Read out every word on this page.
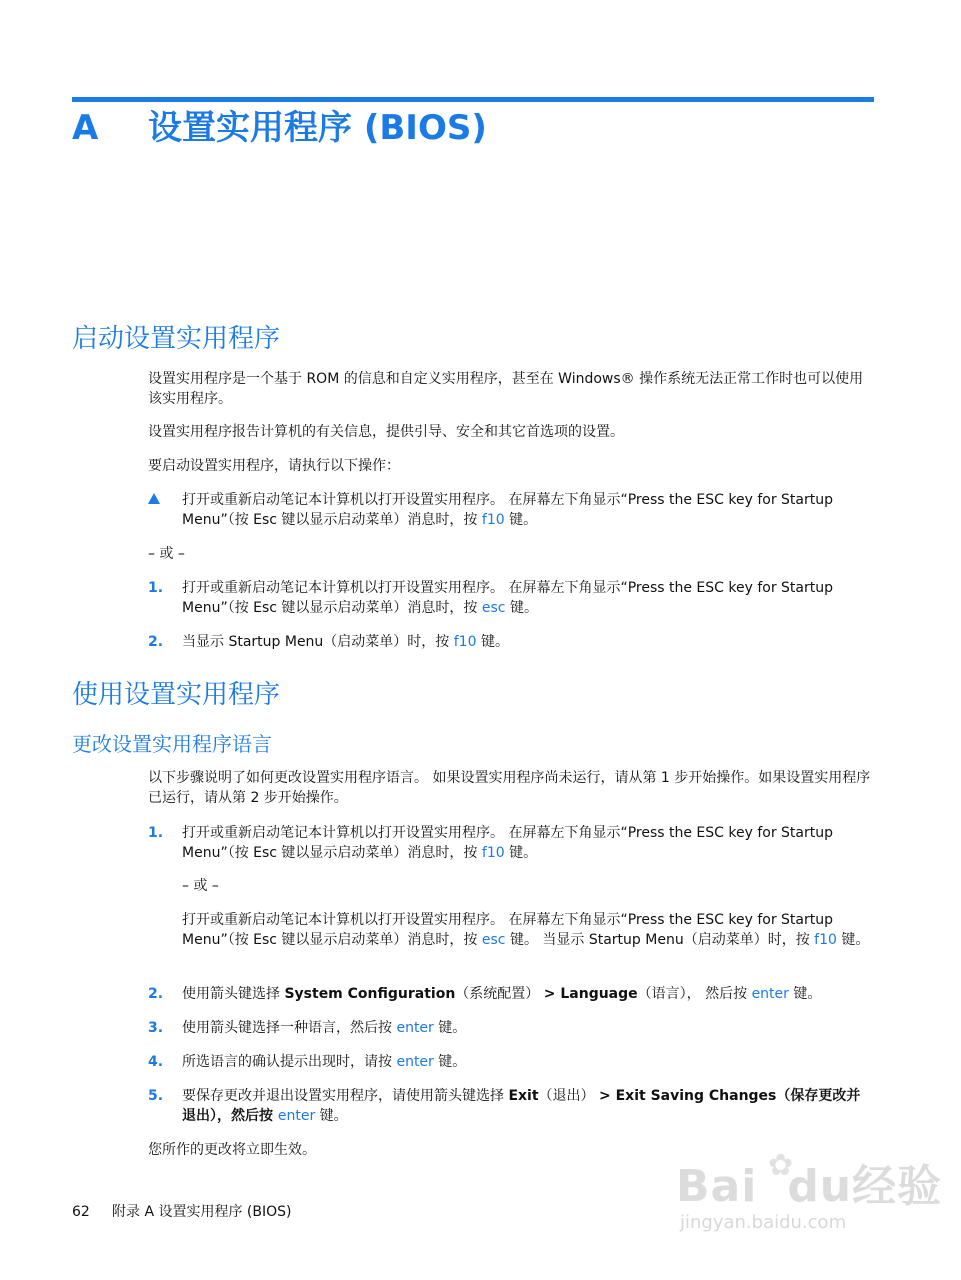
A 设置实用程序 (BIOS)
启动设置实用程序
设置实用程序是一个基于 ROM 的信息和自定义实用程序，甚至在 Windows® 操作系统无法正常工作时也可以使用该实用程序。
设置实用程序报告计算机的有关信息，提供引导、安全和其它首选项的设置。
要启动设置实用程序，请执行以下操作：
打开或重新启动笔记本计算机以打开设置实用程序。 在屏幕左下角显示“Press the ESC key for Startup Menu”（按 Esc 键以显示启动菜单）消息时，按 f10 键。
– 或 –
1. 打开或重新启动笔记本计算机以打开设置实用程序。 在屏幕左下角显示“Press the ESC key for Startup Menu”（按 Esc 键以显示启动菜单）消息时，按 esc 键。
2. 当显示 Startup Menu（启动菜单）时，按 f10 键。
使用设置实用程序
更改设置实用程序语言
以下步骤说明了如何更改设置实用程序语言。 如果设置实用程序尚未运行，请从第 1 步开始操作。如果设置实用程序已运行，请从第 2 步开始操作。
1. 打开或重新启动笔记本计算机以打开设置实用程序。 在屏幕左下角显示“Press the ESC key for Startup Menu”（按 Esc 键以显示启动菜单）消息时，按 f10 键。
– 或 –
打开或重新启动笔记本计算机以打开设置实用程序。 在屏幕左下角显示“Press the ESC key for Startup Menu”（按 Esc 键以显示启动菜单）消息时，按 esc 键。 当显示 Startup Menu（启动菜单）时，按 f10 键。
2. 使用箭头键选择 System Configuration（系统配置） > Language（语言）， 然后按 enter 键。
3. 使用箭头键选择一种语言，然后按 enter 键。
4. 所选语言的确认提示出现时，请按 enter 键。
5. 要保存更改并退出设置实用程序，请使用箭头键选择 Exit（退出） > Exit Saving Changes（保存更改并退出），然后按 enter 键。
您所作的更改将立即生效。
62 附录 A 设置实用程序 (BIOS)	Bai du经验
✿
jingyan.baidu.com
